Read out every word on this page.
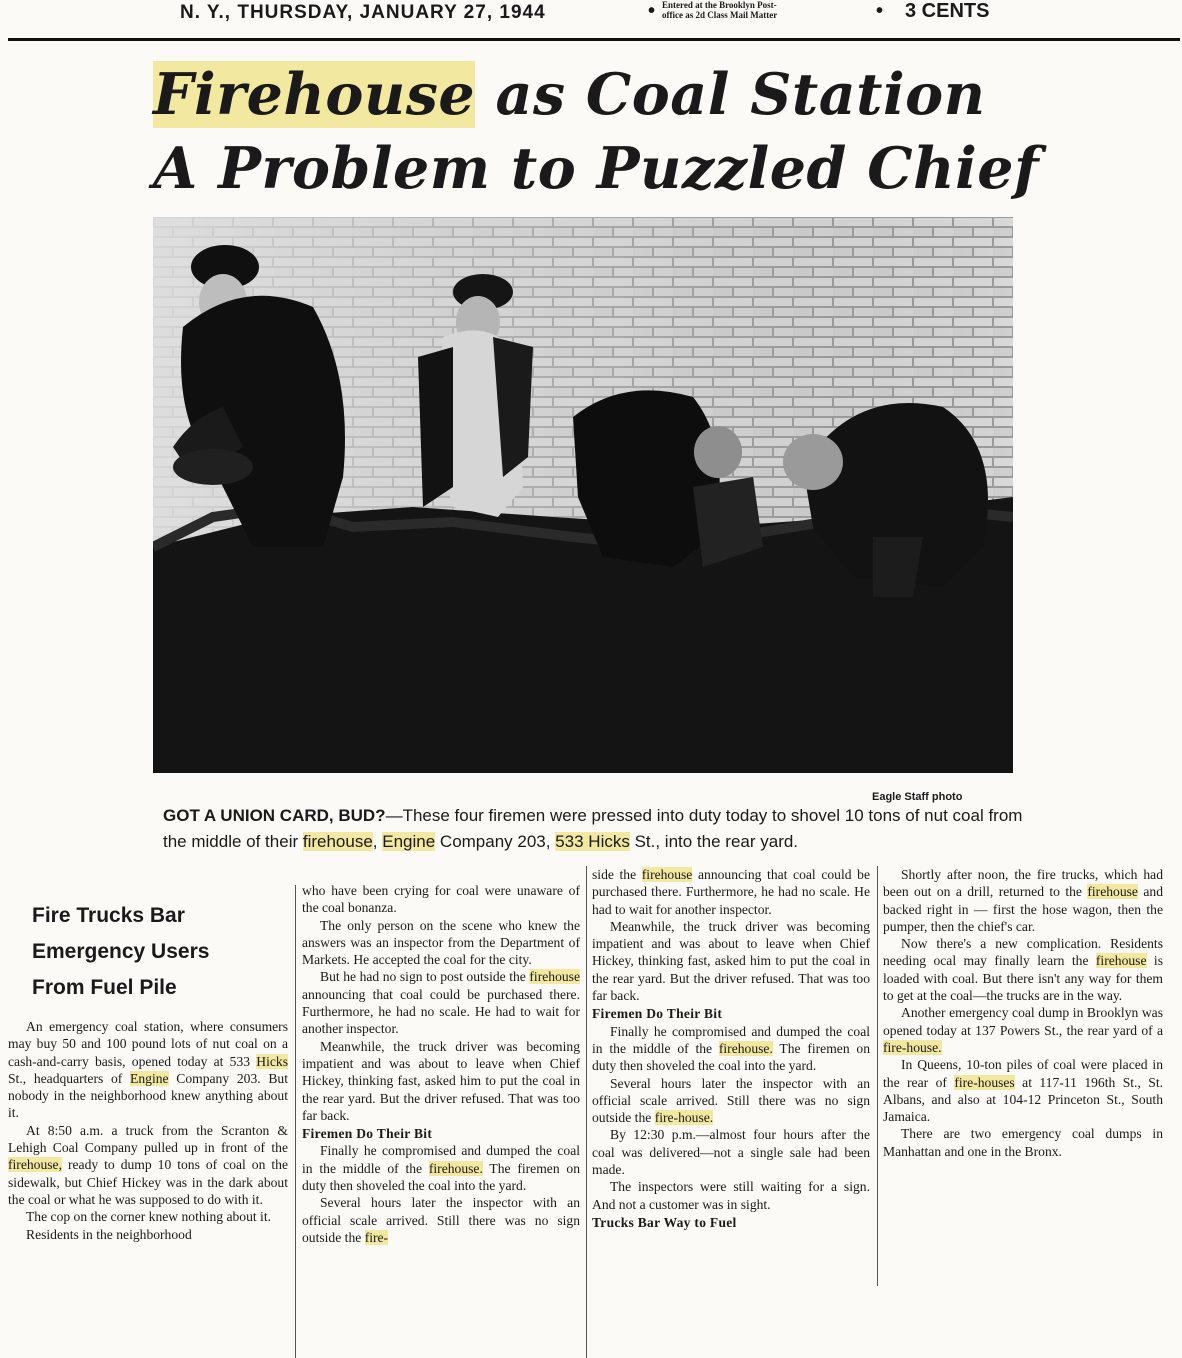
N. Y., THURSDAY, JANUARY 27, 1944	• Entered at the Brooklyn Post-
office as 2d Class Mail Matter	• 3 CENTS
Firehouse as Coal Station
A Problem to Puzzled Chief
Eagle Staff photo
GOT A UNION CARD, BUD?—These four firemen were pressed into duty today to shovel 10 tons of nut coal from the middle of their firehouse, Engine Company 203, 533 Hicks St., into the rear yard.
Fire Trucks Bar
Emergency Users
From Fuel Pile

An emergency coal station, where consumers may buy 50 and 100 pound lots of nut coal on a cash-and-carry basis, opened today at 533 Hicks St., headquarters of Engine Company 203. But nobody in the neighborhood knew anything about it.

At 8:50 a.m. a truck from the Scranton & Lehigh Coal Company pulled up in front of the firehouse, ready to dump 10 tons of coal on the sidewalk, but Chief Hickey was in the dark about the coal or what he was supposed to do with it.

The cop on the corner knew nothing about it.

Residents in the neighborhood

who have been crying for coal were unaware of the coal bonanza.

The only person on the scene who knew the answers was an inspector from the Department of Markets. He accepted the coal for the city.

But he had no sign to post outside the firehouse announcing that coal could be purchased there. Furthermore, he had no scale. He had to wait for another inspector.

Meanwhile, the truck driver was becoming impatient and was about to leave when Chief Hickey, thinking fast, asked him to put the coal in the rear yard. But the driver refused. That was too far back.

Firemen Do Their Bit

Finally he compromised and dumped the coal in the middle of the firehouse. The firemen on duty then shoveled the coal into the yard.

Several hours later the inspector with an official scale arrived. Still there was no sign outside the fire-

side the firehouse announcing that coal could be purchased there. Furthermore, he had no scale. He had to wait for another inspector.

Meanwhile, the truck driver was becoming impatient and was about to leave when Chief Hickey, thinking fast, asked him to put the coal in the rear yard. But the driver refused. That was too far back.

Firemen Do Their Bit

Finally he compromised and dumped the coal in the middle of the firehouse. The firemen on duty then shoveled the coal into the yard.

Several hours later the inspector with an official scale arrived. Still there was no sign outside the fire-house.

By 12:30 p.m.—almost four hours after the coal was delivered—not a single sale had been made.

The inspectors were still waiting for a sign. And not a customer was in sight.

Trucks Bar Way to Fuel

Shortly after noon, the fire trucks, which had been out on a drill, returned to the firehouse and backed right in — first the hose wagon, then the pumper, then the chief's car.

Now there's a new complication. Residents needing ocal may finally learn the firehouse is loaded with coal. But there isn't any way for them to get at the coal—the trucks are in the way.

Another emergency coal dump in Brooklyn was opened today at 137 Powers St., the rear yard of a fire-house.

In Queens, 10-ton piles of coal were placed in the rear of fire-houses at 117-11 196th St., St. Albans, and also at 104-12 Princeton St., South Jamaica.

There are two emergency coal dumps in Manhattan and one in the Bronx.
